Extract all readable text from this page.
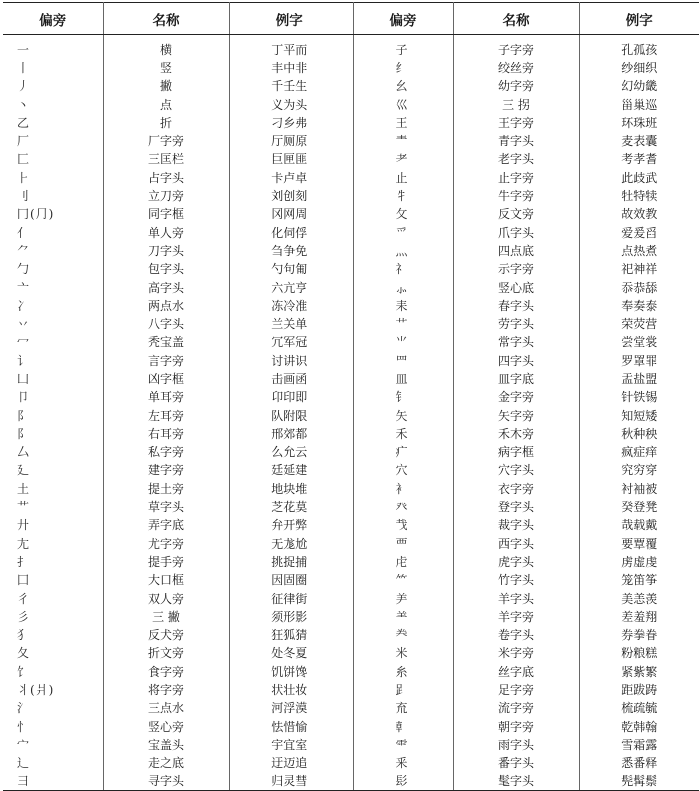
偏旁	名称	例字		偏旁	名称	例字

一	横	丁平而		子	子字旁	孔孤孩
丨	竖	丰中非		纟	绞丝旁	纱细织
丿	撇	千壬生		幺	幼字旁	幻幼畿
丶	点	义为头		巛	三 拐	甾巢巡
乙	折	刁乡弗		王	王字旁	环珠班
厂	厂字旁	厅厕原		龶	青字头	麦表囊
匚	三匡栏	巨匣匪		耂	老字头	考孝耆
⺊	占字头	卡卢卓		止	止字旁	此歧武
刂	立刀旁	刘创刻		牜	牛字旁	牡特犊
冂(⺆)	同字框	冈网周		攵	反文旁	故效教
亻	单人旁	化伺俘		爫	爪字头	爱爰舀
⺈	刀字头	刍争免		灬	四点底	点热煮
勹	包字头	勺句匍		礻	示字旁	祀神祥
亠	高字头	六亢亨		⺗	竖心底	忝恭舔
冫	两点水	冻冷准		耒	春字头	奉奏泰
丷	八字头	兰关单		艹	劳字头	荣荧营
冖	秃宝盖	冗军冠		⺌	常字头	尝堂裳
讠	言字旁	讨讲识		罒	四字头	罗罩罪
凵	凶字框	击画函		皿	皿字底	盂盐盟
卩	单耳旁	卬印即		钅	金字旁	针铁锡
阝	左耳旁	队附限		矢	矢字旁	知短矮
阝	右耳旁	邢郊都		禾	禾木旁	秋种秧
厶	私字旁	么允云		疒	病字框	疯症痒
廴	建字旁	廷延建		穴	穴字头	究穷穿
土	提土旁	地块堆		衤	衣字旁	衬袖被
艹	草字头	芝花莫		癶	登字头	癸登凳
廾	弄字底	弁开弊		𢦏	裁字头	哉载戴
尢	尤字旁	无尨尬		覀	西字头	要覃覆
扌	提手旁	挑捉捕		虍	虎字头	虏虚虔
囗	大口框	因固圈		⺮	竹字头	笼笛筝
彳	双人旁	征律街		⺶	羊字头	美恙羡
彡	三 撇	须形影		⺷	羊字旁	差羞翔
犭	反犬旁	狂狐猜		龹	卷字头	券拳眷
夂	折文旁	处冬夏		米	米字旁	粉粮糕
饣	食字旁	饥饼馋		糸	丝字底	紧紫繁
丬(爿)	将字旁	状壮妆		𧾷	足字旁	距跋踌
氵	三点水	河浮漠		㐬	流字旁	梳疏毓
忄	竖心旁	怯惜愉		龺	朝字旁	乾韩翰
宀	宝盖头	宇宜室		⻗	雨字头	雪霜露
辶	走之底	迂迈追		釆	番字头	悉番释
彐	寻字头	归灵彗		髟	髦字头	髡髯鬃
